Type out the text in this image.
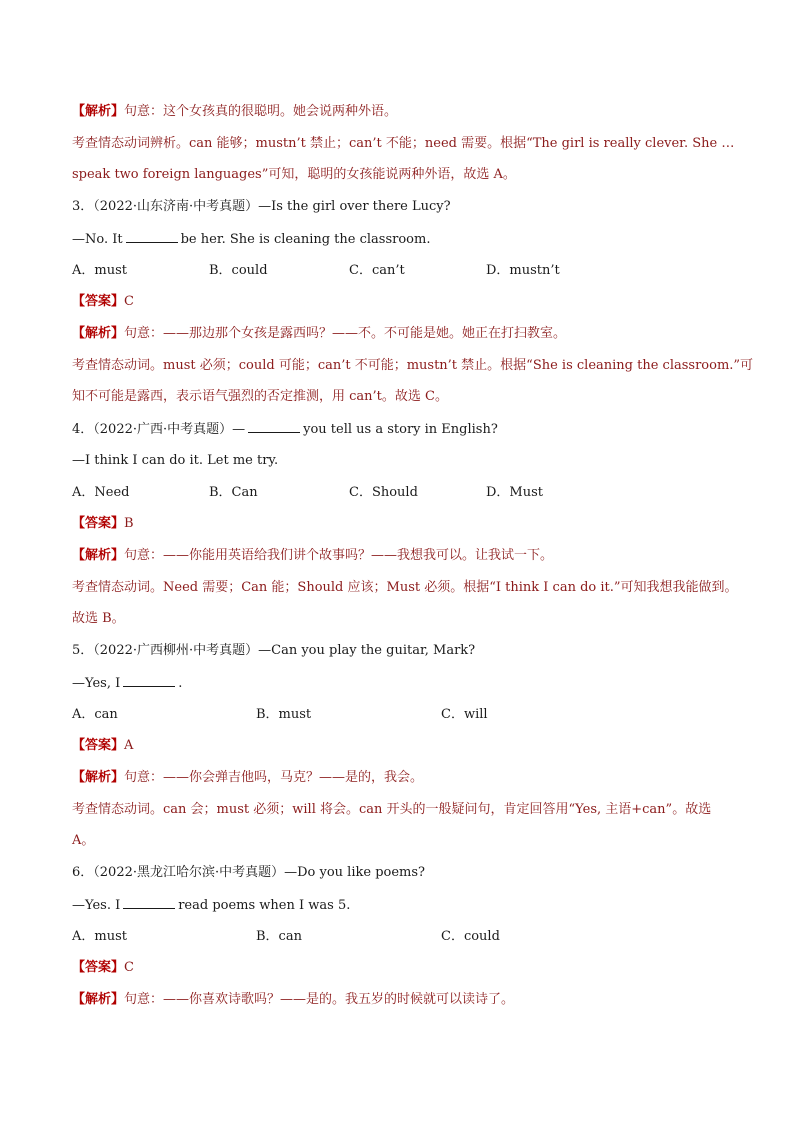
【解析】句意：这个女孩真的很聪明。她会说两种外语。
考查情态动词辨析。can 能够；mustn’t 禁止；can’t 不能；need 需要。根据“The girl is really clever. She …
speak two foreign languages”可知，聪明的女孩能说两种外语，故选 A。
3．（2022·山东济南·中考真题）—Is the girl over there Lucy?
—No. It	be her. She is cleaning the classroom.
A．must	B．could	C．can’t	D．mustn’t
【答案】C
【解析】句意：——那边那个女孩是露西吗？——不。不可能是她。她正在打扫教室。
考查情态动词。must 必须；could 可能；can’t 不可能；mustn’t 禁止。根据“She is cleaning the classroom.”可
知不可能是露西，表示语气强烈的否定推测，用 can’t。故选 C。
4．（2022·广西·中考真题）—	you tell us a story in English?
—I think I can do it. Let me try.
A．Need	B．Can	C．Should	D．Must
【答案】B
【解析】句意：——你能用英语给我们讲个故事吗？——我想我可以。让我试一下。
考查情态动词。Need 需要；Can 能；Should 应该；Must 必须。根据“I think I can do it.”可知我想我能做到。
故选 B。
5．（2022·广西柳州·中考真题）—Can you play the guitar, Mark?
—Yes, I	.
A．can	B．must	C．will
【答案】A
【解析】句意：——你会弹吉他吗，马克？——是的，我会。
考查情态动词。can 会；must 必须；will 将会。can 开头的一般疑问句，肯定回答用“Yes, 主语+can”。故选
A。
6．（2022·黑龙江哈尔滨·中考真题）—Do you like poems?
—Yes. I	read poems when I was 5.
A．must	B．can	C．could
【答案】C
【解析】句意：——你喜欢诗歌吗？——是的。我五岁的时候就可以读诗了。
